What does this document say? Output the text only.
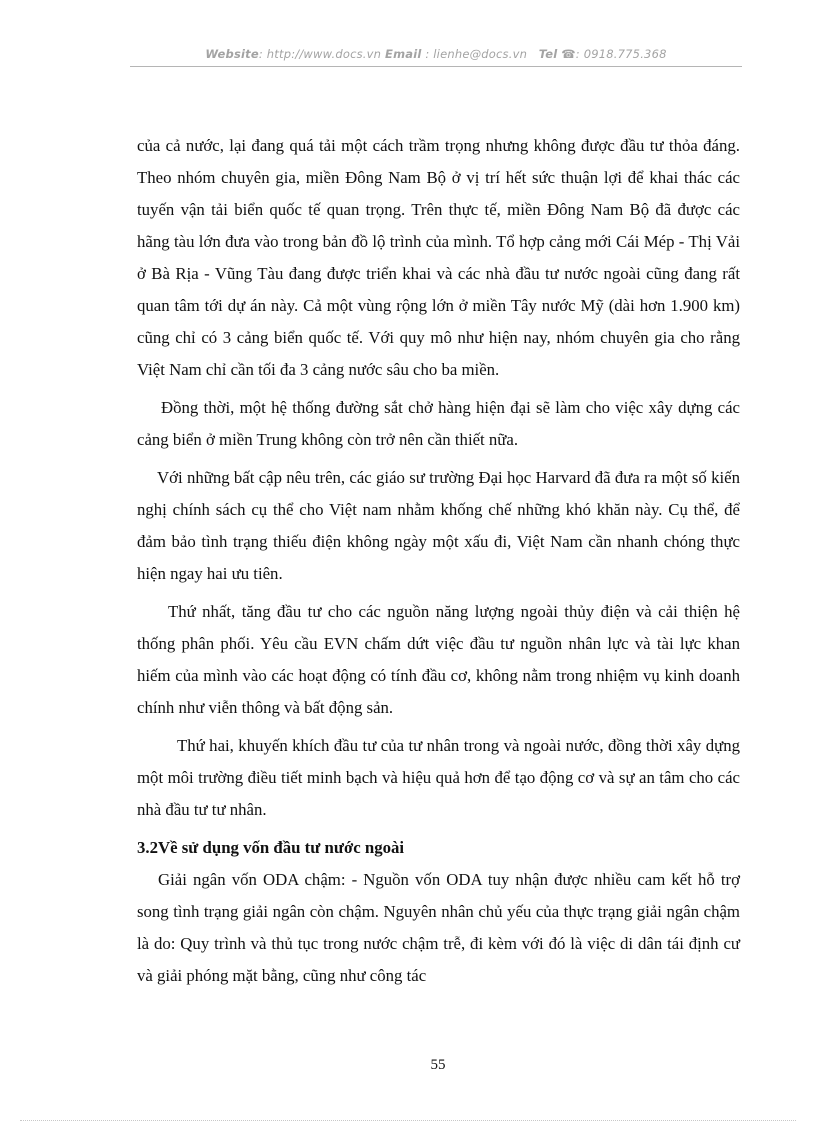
Website: http://www.docs.vn Email : lienhe@docs.vn Tel ☎: 0918.775.368

của cả nước, lại đang quá tải một cách trầm trọng nhưng không được đầu tư thỏa đáng. Theo nhóm chuyên gia, miền Đông Nam Bộ ở vị trí hết sức thuận lợi để khai thác các tuyến vận tải biển quốc tế quan trọng. Trên thực tế, miền Đông Nam Bộ đã được các hãng tàu lớn đưa vào trong bản đồ lộ trình của mình. Tổ hợp cảng mới Cái Mép - Thị Vải ở Bà Rịa - Vũng Tàu đang được triển khai và các nhà đầu tư nước ngoài cũng đang rất quan tâm tới dự án này. Cả một vùng rộng lớn ở miền Tây nước Mỹ (dài hơn 1.900 km) cũng chỉ có 3 cảng biển quốc tế. Với quy mô như hiện nay, nhóm chuyên gia cho rằng Việt Nam chỉ cần tối đa 3 cảng nước sâu cho ba miền.

Đồng thời, một hệ thống đường sắt chở hàng hiện đại sẽ làm cho việc xây dựng các cảng biển ở miền Trung không còn trở nên cần thiết nữa.

Với những bất cập nêu trên, các giáo sư trường Đại học Harvard đã đưa ra một số kiến nghị chính sách cụ thể cho Việt nam nhằm khống chế những khó khăn này. Cụ thể, để đảm bảo tình trạng thiếu điện không ngày một xấu đi, Việt Nam cần nhanh chóng thực hiện ngay hai ưu tiên.

Thứ nhất, tăng đầu tư cho các nguồn năng lượng ngoài thủy điện và cải thiện hệ thống phân phối. Yêu cầu EVN chấm dứt việc đầu tư nguồn nhân lực và tài lực khan hiếm của mình vào các hoạt động có tính đầu cơ, không nằm trong nhiệm vụ kinh doanh chính như viễn thông và bất động sản.

Thứ hai, khuyến khích đầu tư của tư nhân trong và ngoài nước, đồng thời xây dựng một môi trường điều tiết minh bạch và hiệu quả hơn để tạo động cơ và sự an tâm cho các nhà đầu tư tư nhân.

3.2Về sử dụng vốn đầu tư nước ngoài

Giải ngân vốn ODA chậm: - Nguồn vốn ODA tuy nhận được nhiều cam kết hỗ trợ song tình trạng giải ngân còn chậm. Nguyên nhân chủ yếu của thực trạng giải ngân chậm là do: Quy trình và thủ tục trong nước chậm trễ, đi kèm với đó là việc di dân tái định cư và giải phóng mặt bằng, cũng như công tác

55
